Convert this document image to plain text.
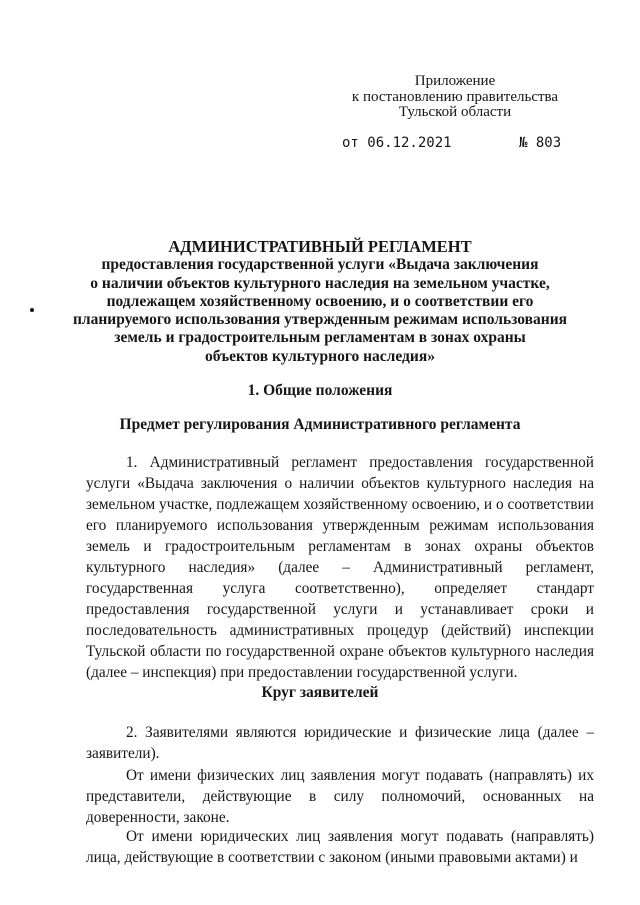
Приложение
к постановлению правительства
Тульской области
от 06.12.2021	№ 803
АДМИНИСТРАТИВНЫЙ РЕГЛАМЕНТ
предоставления государственной услуги «Выдача заключения
о наличии объектов культурного наследия на земельном участке,
подлежащем хозяйственному освоению, и о соответствии его
планируемого использования утвержденным режимам использования
земель и градостроительным регламентам в зонах охраны
объектов культурного наследия»
1. Общие положения
Предмет регулирования Административного регламента

1. Административный регламент предоставления государственной услуги «Выдача заключения о наличии объектов культурного наследия на земельном участке, подлежащем хозяйственному освоению, и о соответствии его планируемого использования утвержденным режимам использования земель и градостроительным регламентам в зонах охраны объектов культурного наследия» (далее – Административный регламент, государственная услуга соответственно), определяет стандарт предоставления государственной услуги и устанавливает сроки и последовательность административных процедур (действий) инспекции Тульской области по государственной охране объектов культурного наследия (далее – инспекция) при предоставлении государственной услуги.

Круг заявителей

2. Заявителями являются юридические и физические лица (далее – заявители).

От имени физических лиц заявления могут подавать (направлять) их представители, действующие в силу полномочий, основанных на доверенности, законе.

От имени юридических лиц заявления могут подавать (направлять) лица, действующие в соответствии с законом (иными правовыми актами) и
